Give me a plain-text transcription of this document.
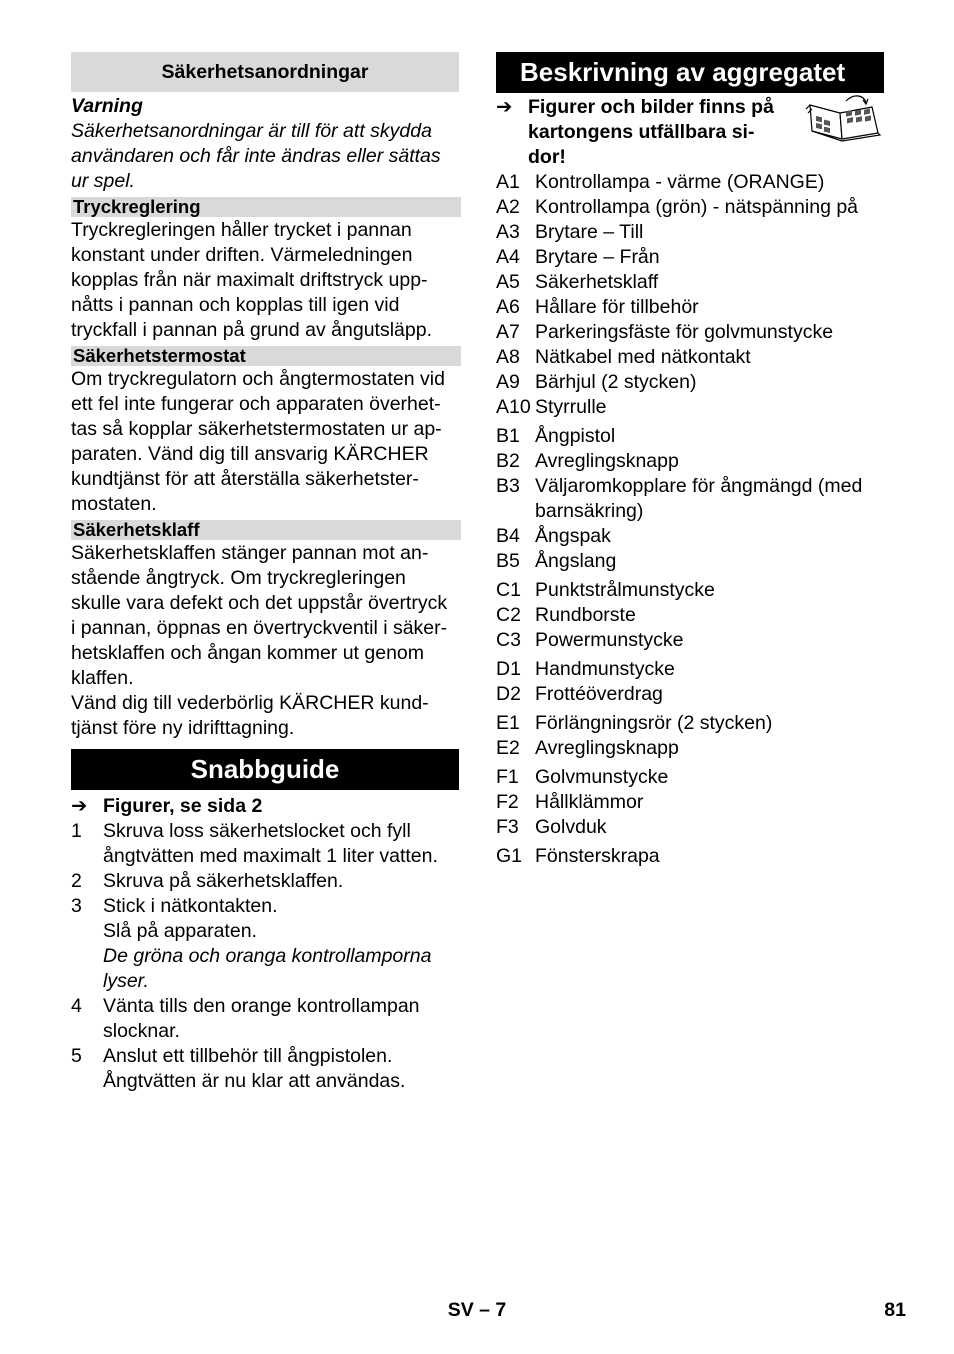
Säkerhetsanordningar

Varning

Säkerhetsanordningar är till för att skydda
användaren och får inte ändras eller sättas
ur spel.
Tryckreglering
Tryckregleringen håller trycket i pannan
konstant under driften. Värmeledningen
kopplas från när maximalt driftstryck upp-
nåtts i pannan och kopplas till igen vid
tryckfall i pannan på grund av ångutsläpp.
Säkerhetstermostat
Om tryckregulatorn och ångtermostaten vid
ett fel inte fungerar och apparaten överhet-
tas så kopplar säkerhetstermostaten ur ap-
paraten. Vänd dig till ansvarig KÄRCHER
kundtjänst för att återställa säkerhetster-
mostaten.
Säkerhetsklaff
Säkerhetsklaffen stänger pannan mot an-
stående ångtryck. Om tryckregleringen
skulle vara defekt och det uppstår övertryck
i pannan, öppnas en övertryckventil i säker-
hetsklaffen och ångan kommer ut genom
klaffen.
Vänd dig till vederbörlig KÄRCHER kund-
tjänst före ny idrifttagning.
Snabbguide
➔ Figurer, se sida 2
1	Skruva loss säkerhetslocket och fyll
ångtvätten med maximalt 1 liter vatten.
2	Skruva på säkerhetsklaffen.
3	Stick i nätkontakten.
Slå på apparaten.
De gröna och oranga kontrollamporna
lyser.
4	Vänta tills den orange kontrollampan
slocknar.
5	Anslut ett tillbehör till ångpistolen.
Ångtvätten är nu klar att användas.
Beskrivning av aggregatet
➔ Figurer och bilder finns på
kartongens utfällbara si-
dor!
A1 Kontrollampa - värme (ORANGE)
A2 Kontrollampa (grön) - nätspänning på
A3 Brytare – Till
A4 Brytare – Från
A5 Säkerhetsklaff
A6 Hållare för tillbehör
A7 Parkeringsfäste för golvmunstycke
A8 Nätkabel med nätkontakt
A9 Bärhjul (2 stycken)
A10 Styrrulle
B1 Ångpistol
B2 Avreglingsknapp
B3 Väljaromkopplare för ångmängd (med barnsäkring)
B4 Ångspak
B5 Ångslang
C1 Punktstrålmunstycke
C2 Rundborste
C3 Powermunstycke
D1 Handmunstycke
D2 Frottéöverdrag
E1 Förlängningsrör (2 stycken)
E2 Avreglingsknapp
F1 Golvmunstycke
F2 Hållklämmor
F3 Golvduk
G1 Fönsterskrapa
SV – 7	81
